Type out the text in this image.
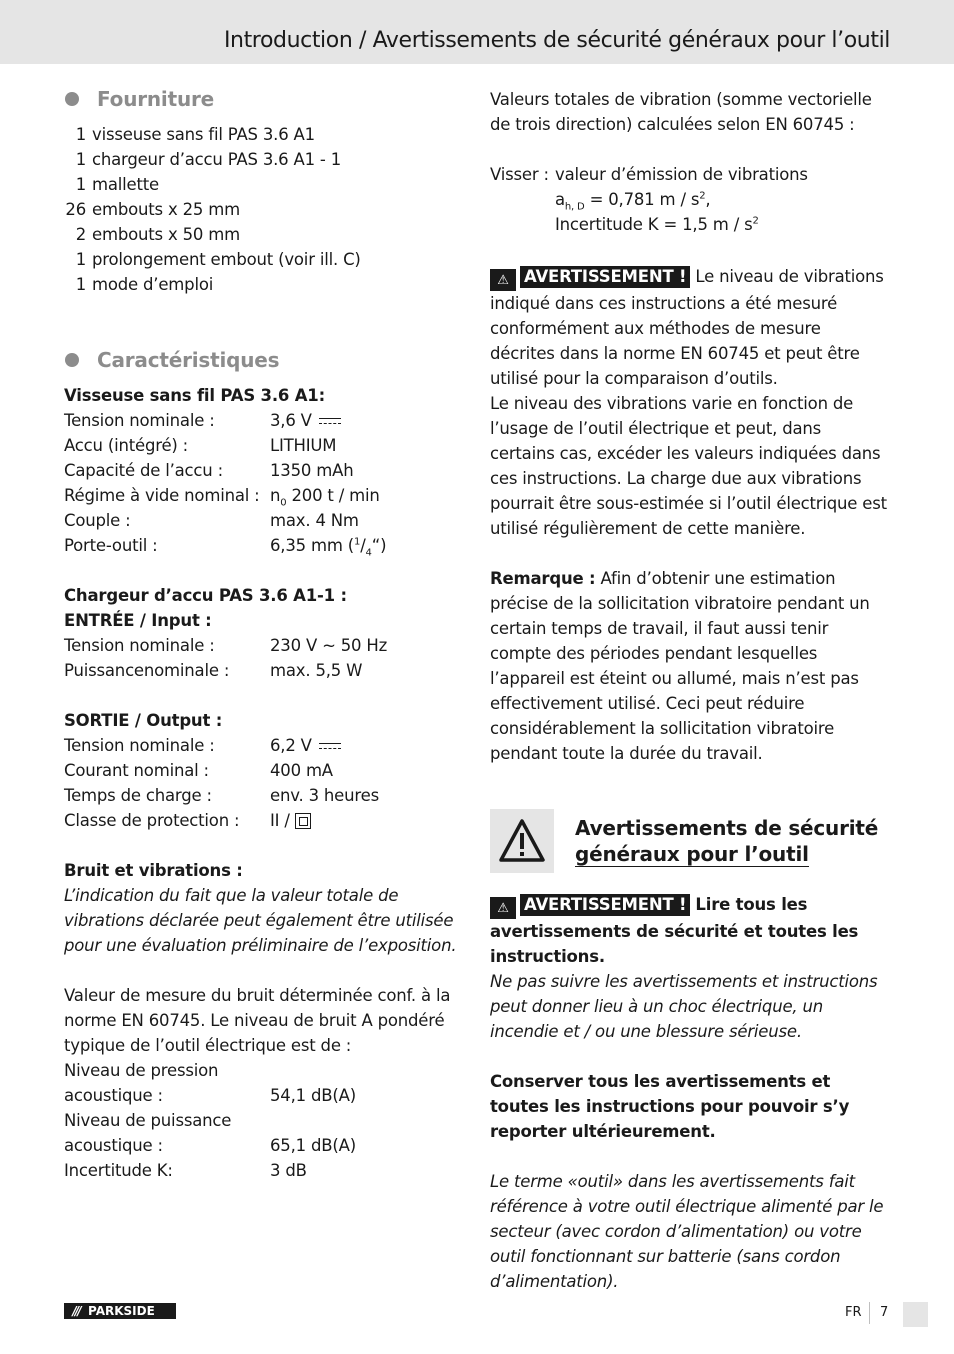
Introduction / Avertissements de sécurité généraux pour l’outil
Fourniture
1 visseuse sans fil PAS 3.6 A1
1 chargeur d’accu PAS 3.6 A1 - 1
1 mallette
26 embouts x 25 mm
2 embouts x 50 mm
1 prolongement embout (voir ill. C)
1 mode d’emploi
Caractéristiques
Visseuse sans fil PAS 3.6 A1:
Tension nominale :	3,6 V
Accu (intégré) :	LITHIUM
Capacité de l’accu :	1350 mAh
Régime à vide nominal : $n_0$ 200 t / min
Couple :	max. 4 Nm
Porte-outil :	6,35 mm $(^1/_4“)$
Chargeur d’accu PAS 3.6 A1-1 :
ENTRÉE / Input :
Tension nominale :	230 V ~ 50 Hz
Puissancenominale :	max. 5,5 W
SORTIE / Output :
Tension nominale :	6,2 V
Courant nominal :	400 mA
Temps de charge :	env. 3 heures
Classe de protection :	II /
Bruit et vibrations :
L’indication du fait que la valeur totale de vibrations déclarée peut également être utilisée pour une évaluation préliminaire de l’exposition.
Valeur de mesure du bruit déterminée conf. à la norme EN 60745. Le niveau de bruit A pondéré typique de l’outil électrique est de :
Niveau de pression
acoustique :	54,1 dB(A)
Niveau de puissance
acoustique :	65,1 dB(A)
Incertitude K:	3 dB
Valeurs totales de vibration (somme vectorielle de trois direction) calculées selon EN 60745 :
Visser : valeur d’émission de vibrations
$a_{h, D} = 0,781$ m / $s^2$,
Incertitude K = 1,5 m / $s^2$
⚠ AVERTISSEMENT ! Le niveau de vibrations indiqué dans ces instructions a été mesuré conformément aux méthodes de mesure décrites dans la norme EN 60745 et peut être utilisé pour la comparaison d’outils.
Le niveau des vibrations varie en fonction de l’usage de l’outil électrique et peut, dans certains cas, excéder les valeurs indiquées dans ces instructions. La charge due aux vibrations pourrait être sous-estimée si l’outil électrique est utilisé régulièrement de cette manière.
Remarque : Afin d’obtenir une estimation précise de la sollicitation vibratoire pendant un certain temps de travail, il faut aussi tenir compte des périodes pendant lesquelles l’appareil est éteint ou allumé, mais n’est pas effectivement utilisé. Ceci peut réduire considérablement la sollicitation vibratoire pendant toute la durée du travail.
Avertissements de sécurité
généraux pour l’outil
⚠ AVERTISSEMENT ! Lire tous les avertissements de sécurité et toutes les instructions.
Ne pas suivre les avertissements et instructions peut donner lieu à un choc électrique, un incendie et / ou une blessure sérieuse.
Conserver tous les avertissements et toutes les instructions pour pouvoir s’y reporter ultérieurement.
Le terme «outil» dans les avertissements fait référence à votre outil électrique alimenté par le secteur (avec cordon d’alimentation) ou votre outil fonctionnant sur batterie (sans cordon d’alimentation).
/// PARKSIDE	FR 7
